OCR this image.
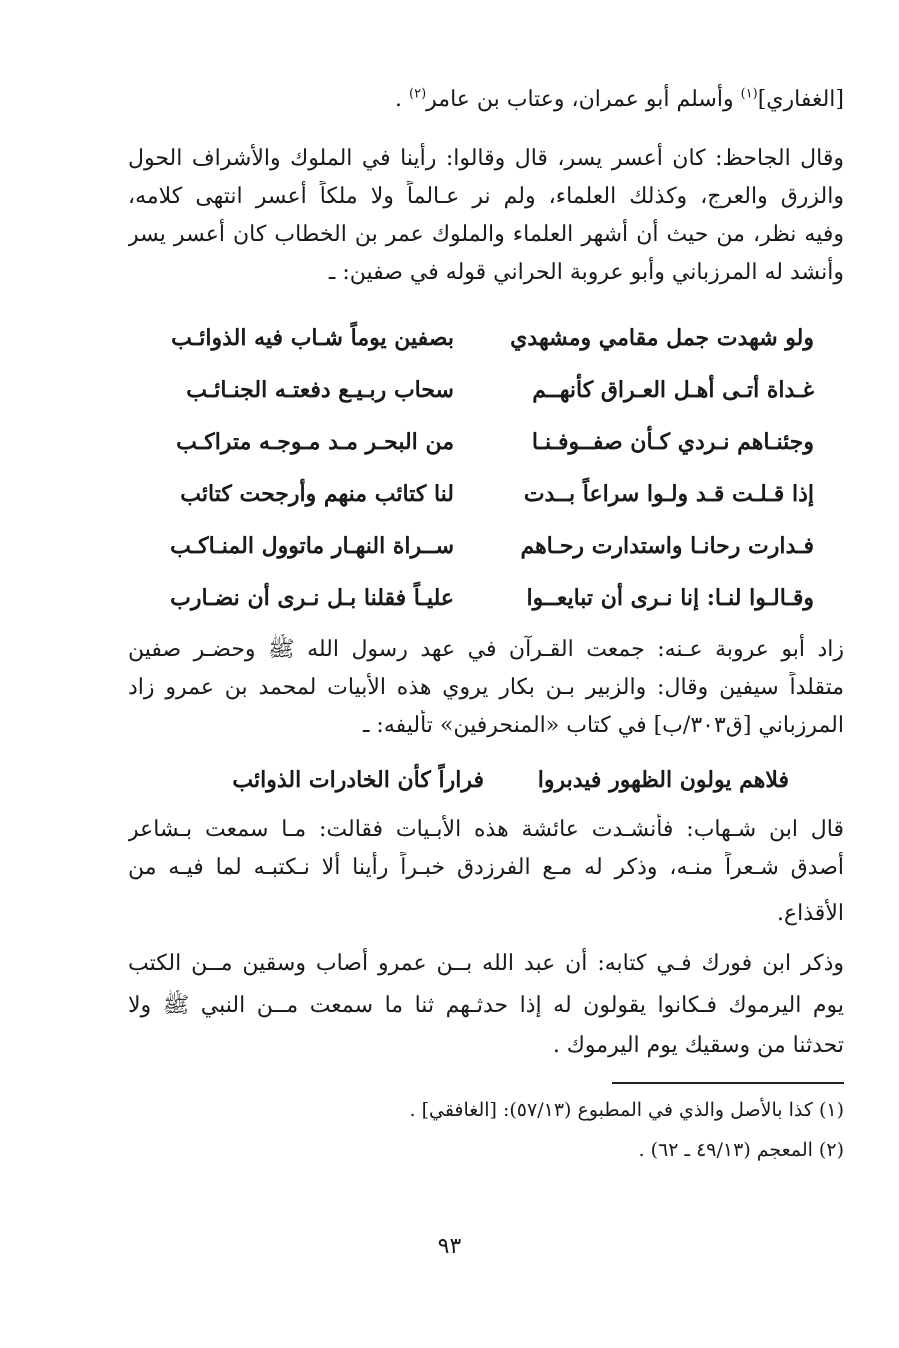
[الغفاري]$^{(١)}$ وأسلم أبو عمران، وعتاب بن عامر$^{(٢)}$ .
وقال الجاحظ: كان أعسر يسر، قال وقالوا: رأينا في الملوك والأشراف الحول
والزرق والعرج، وكذلك العلماء، ولم نر عـالماً ولا ملكاً أعسر انتهى كلامه،
وفيه نظر، من حيث أن أشهر العلماء والملوك عمر بن الخطاب كان أعسر يسر
وأنشد له المرزباني وأبو عروبة الحراني قوله في صفين: ـ
ولو شهدت جمل مقامي ومشهدي
بصفين يوماً شـاب فيه الذوائـب
غـداة أتـى أهـل العـراق كأنهــم
سحاب ربـيـع دفعتـه الجنـائـب
وجئنـاهم نـردي كـأن صفــوفـنـا
من البحـر مـد مـوجـه متراكـب
إذا قـلـت قـد ولـوا سراعاً بــدت
لنا كتائب منهم وأرجحت كتائب
فـدارت رحانـا واستدارت رحـاهم
ســراة النهـار ماتوول المنـاكـب
وقـالـوا لنـا: إنا نـرى أن تبايعــوا
عليـاً فقلنا بـل نـرى أن نضـارب
زاد أبو عروبة عـنه: جمعت القـرآن في عهد رسول الله ﷺ وحضـر صفين
متقلداً سيفين وقال: والزبير بـن بكار يروي هذه الأبيات لمحمد بن عمرو زاد
المرزباني [ق٣٠٣/ب] في كتاب «المنحرفين» تأليفه: ـ
فلاهم يولون الظهور فيدبروا
فراراً كأن الخادرات الذوائب
قال ابن شـهاب: فأنشـدت عائشة هذه الأبـيات فقالت: مـا سمعت بـشاعر
أصدق شـعراً منـه، وذكر له مـع الفرزدق خبـراً رأينا ألا نـكتبـه لما فيـه من
الأقذاع.
وذكر ابن فورك فـي كتابه: أن عبد الله بــن عمرو أصاب وسقين مــن الكتب
يوم اليرموك فـكانوا يقولون له إذا حدثـهم ثنا ما سمعت مــن النبي ﷺ ولا
تحدثنا من وسقيك يوم اليرموك .
(١) كذا بالأصل والذي في المطبوع (٥٧/١٣): [الغافقي] .
(٢) المعجم (٤٩/١٣ ـ ٦٢) .
٩٣
